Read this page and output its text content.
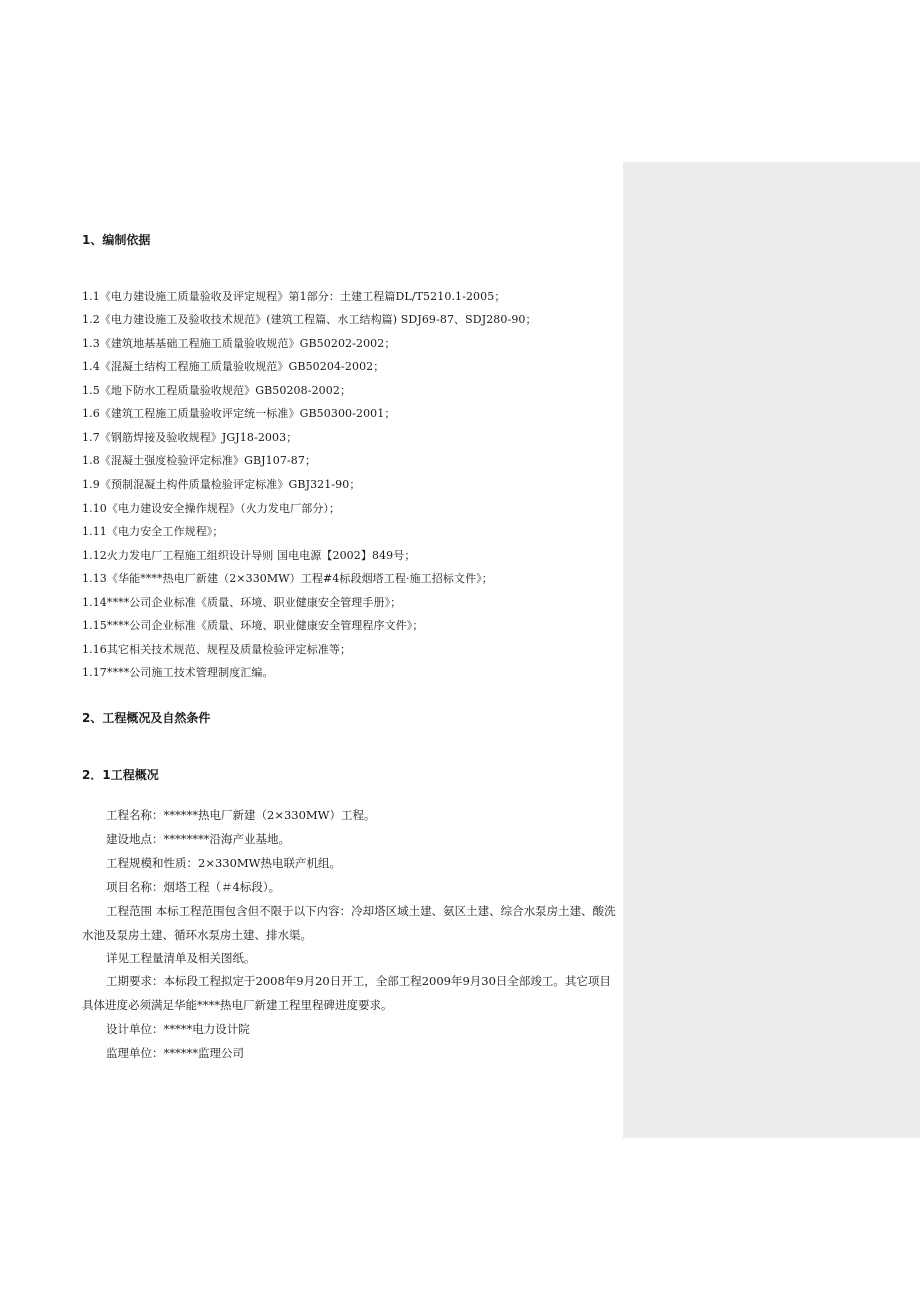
1、编制依据
1.1《电力建设施工质量验收及评定规程》第1部分：土建工程篇DL/T5210.1-2005；
1.2《电力建设施工及验收技术规范》(建筑工程篇、水工结构篇) SDJ69-87、SDJ280-90；
1.3《建筑地基基础工程施工质量验收规范》GB50202-2002；
1.4《混凝土结构工程施工质量验收规范》GB50204-2002；
1.5《地下防水工程质量验收规范》GB50208-2002；
1.6《建筑工程施工质量验收评定统一标准》GB50300-2001；
1.7《钢筋焊接及验收规程》JGJ18-2003；
1.8《混凝土强度检验评定标准》GBJ107-87；
1.9《预制混凝土构件质量检验评定标准》GBJ321-90；
1.10《电力建设安全操作规程》（火力发电厂部分）；
1.11《电力安全工作规程》；
1.12火力发电厂工程施工组织设计导则 国电电源【2002】849号；
1.13《华能****热电厂新建（2×330MW）工程#4标段烟塔工程·施工招标文件》；
1.14****公司企业标准《质量、环境、职业健康安全管理手册》；
1.15****公司企业标准《质量、环境、职业健康安全管理程序文件》；
1.16其它相关技术规范、规程及质量检验评定标准等；
1.17****公司施工技术管理制度汇编。
2、工程概况及自然条件
2．1工程概况
工程名称：******热电厂新建（2×330MW）工程。
建设地点：********沿海产业基地。
工程规模和性质：2×330MW热电联产机组。
项目名称：烟塔工程（＃4标段）。
工程范围 本标工程范围包含但不限于以下内容：冷却塔区域土建、氨区土建、综合水泵房土建、酸洗水池及泵房土建、循环水泵房土建、排水渠。
详见工程量清单及相关图纸。
工期要求：本标段工程拟定于2008年9月20日开工，全部工程2009年9月30日全部竣工。其它项目具体进度必须满足华能****热电厂新建工程里程碑进度要求。
设计单位：*****电力设计院
监理单位：******监理公司
